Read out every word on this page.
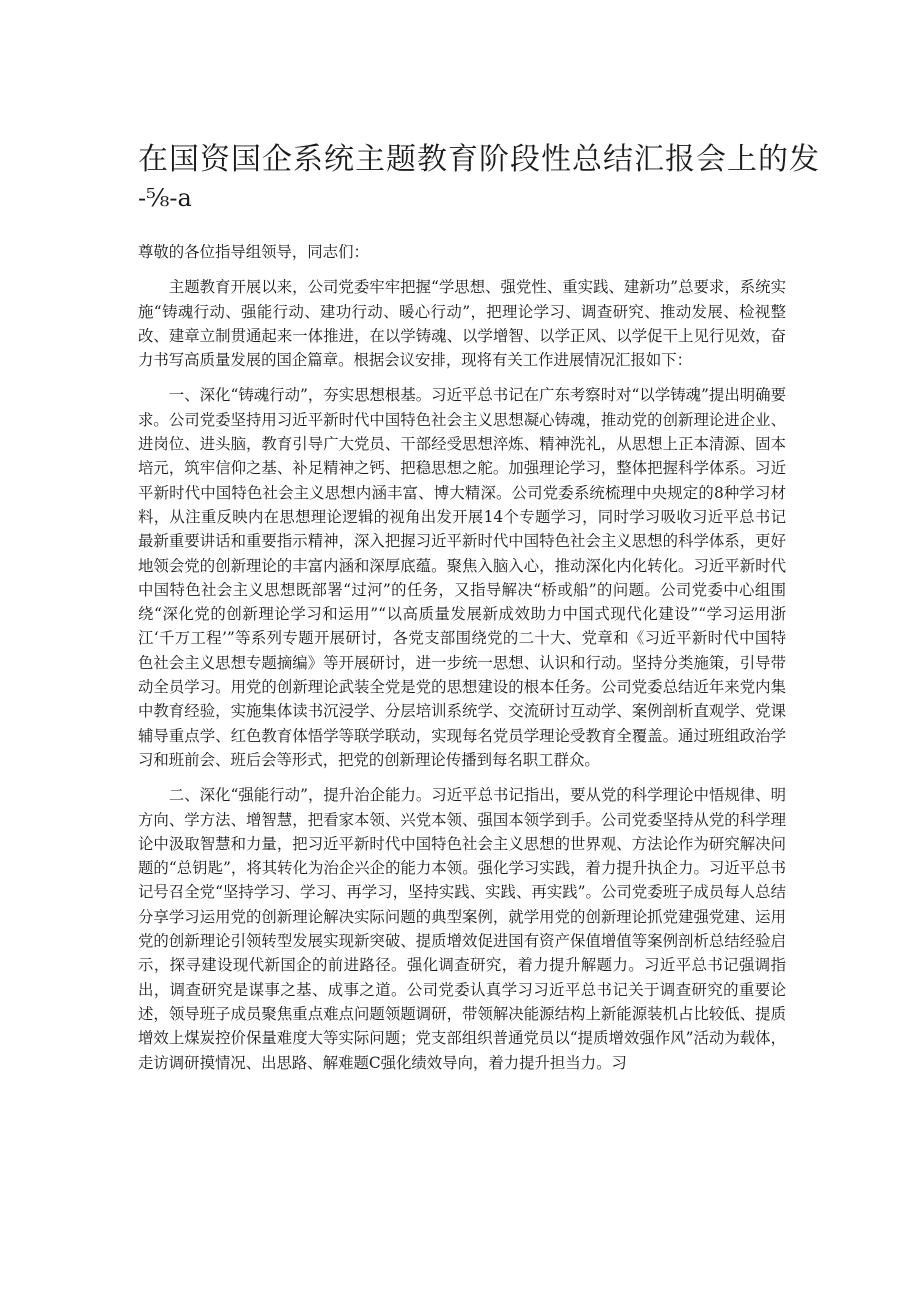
在国资国企系统主题教育阶段性总结汇报会上的发
-⅝-a

尊敬的各位指导组领导，同志们：

主题教育开展以来，公司党委牢牢把握“学思想、强党性、重实践、建新功”总要求，系统实施“铸魂行动、强能行动、建功行动、暖心行动”，把理论学习、调查研究、推动发展、检视整改、建章立制贯通起来一体推进，在以学铸魂、以学增智、以学正风、以学促干上见行见效，奋力书写高质量发展的国企篇章。根据会议安排，现将有关工作进展情况汇报如下：

一、深化“铸魂行动”，夯实思想根基。习近平总书记在广东考察时对“以学铸魂”提出明确要求。公司党委坚持用习近平新时代中国特色社会主义思想凝心铸魂，推动党的创新理论进企业、进岗位、进头脑，教育引导广大党员、干部经受思想淬炼、精神洗礼，从思想上正本清源、固本培元，筑牢信仰之基、补足精神之钙、把稳思想之舵。加强理论学习，整体把握科学体系。习近平新时代中国特色社会主义思想内涵丰富、博大精深。公司党委系统梳理中央规定的8种学习材料，从注重反映内在思想理论逻辑的视角出发开展14个专题学习，同时学习吸收习近平总书记最新重要讲话和重要指示精神，深入把握习近平新时代中国特色社会主义思想的科学体系，更好地领会党的创新理论的丰富内涵和深厚底蕴。聚焦入脑入心，推动深化内化转化。习近平新时代中国特色社会主义思想既部署“过河”的任务，又指导解决“桥或船”的问题。公司党委中心组围绕“深化党的创新理论学习和运用”“以高质量发展新成效助力中国式现代化建设”“学习运用浙江‘千万工程’”等系列专题开展研讨，各党支部围绕党的二十大、党章和《习近平新时代中国特色社会主义思想专题摘编》等开展研讨，进一步统一思想、认识和行动。坚持分类施策，引导带动全员学习。用党的创新理论武装全党是党的思想建设的根本任务。公司党委总结近年来党内集中教育经验，实施集体读书沉浸学、分层培训系统学、交流研讨互动学、案例剖析直观学、党课辅导重点学、红色教育体悟学等联学联动，实现每名党员学理论受教育全覆盖。通过班组政治学习和班前会、班后会等形式，把党的创新理论传播到每名职工群众。

二、深化“强能行动”，提升治企能力。习近平总书记指出，要从党的科学理论中悟规律、明方向、学方法、增智慧，把看家本领、兴党本领、强国本领学到手。公司党委坚持从党的科学理论中汲取智慧和力量，把习近平新时代中国特色社会主义思想的世界观、方法论作为研究解决问题的“总钥匙”，将其转化为治企兴企的能力本领。强化学习实践，着力提升执企力。习近平总书记号召全党“坚持学习、学习、再学习，坚持实践、实践、再实践”。公司党委班子成员每人总结分享学习运用党的创新理论解决实际问题的典型案例，就学用党的创新理论抓党建强党建、运用党的创新理论引领转型发展实现新突破、提质增效促进国有资产保值增值等案例剖析总结经验启示，探寻建设现代新国企的前进路径。强化调查研究，着力提升解题力。习近平总书记强调指出，调查研究是谋事之基、成事之道。公司党委认真学习习近平总书记关于调查研究的重要论述，领导班子成员聚焦重点难点问题领题调研，带领解决能源结构上新能源装机占比较低、提质增效上煤炭控价保量难度大等实际问题；党支部组织普通党员以“提质增效强作风”活动为载体，走访调研摸情况、出思路、解难题C强化绩效导向，着力提升担当力。习
